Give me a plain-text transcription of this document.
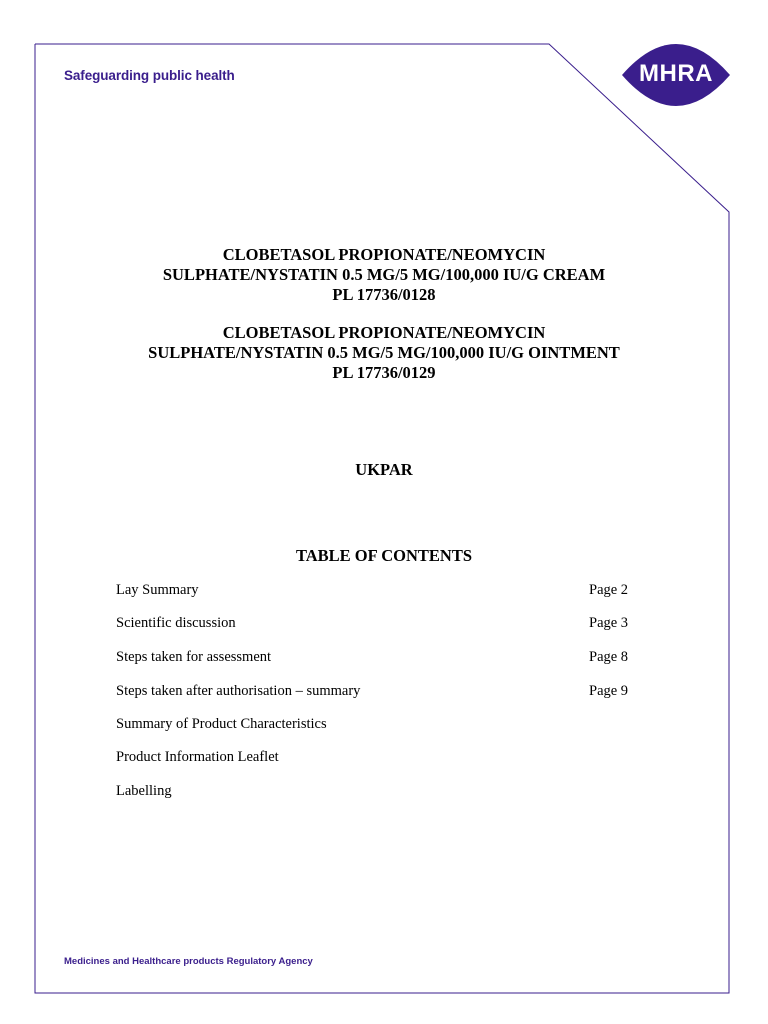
Safeguarding public health	MHRA
CLOBETASOL PROPIONATE/NEOMYCIN
SULPHATE/NYSTATIN 0.5 MG/5 MG/100,000 IU/G CREAM
PL 17736/0128
CLOBETASOL PROPIONATE/NEOMYCIN
SULPHATE/NYSTATIN 0.5 MG/5 MG/100,000 IU/G OINTMENT
PL 17736/0129
UKPAR
TABLE OF CONTENTS
Lay Summary	Page 2
Scientific discussion	Page 3
Steps taken for assessment	Page 8
Steps taken after authorisation – summary	Page 9
Summary of Product Characteristics
Product Information Leaflet
Labelling
Medicines and Healthcare products Regulatory Agency
